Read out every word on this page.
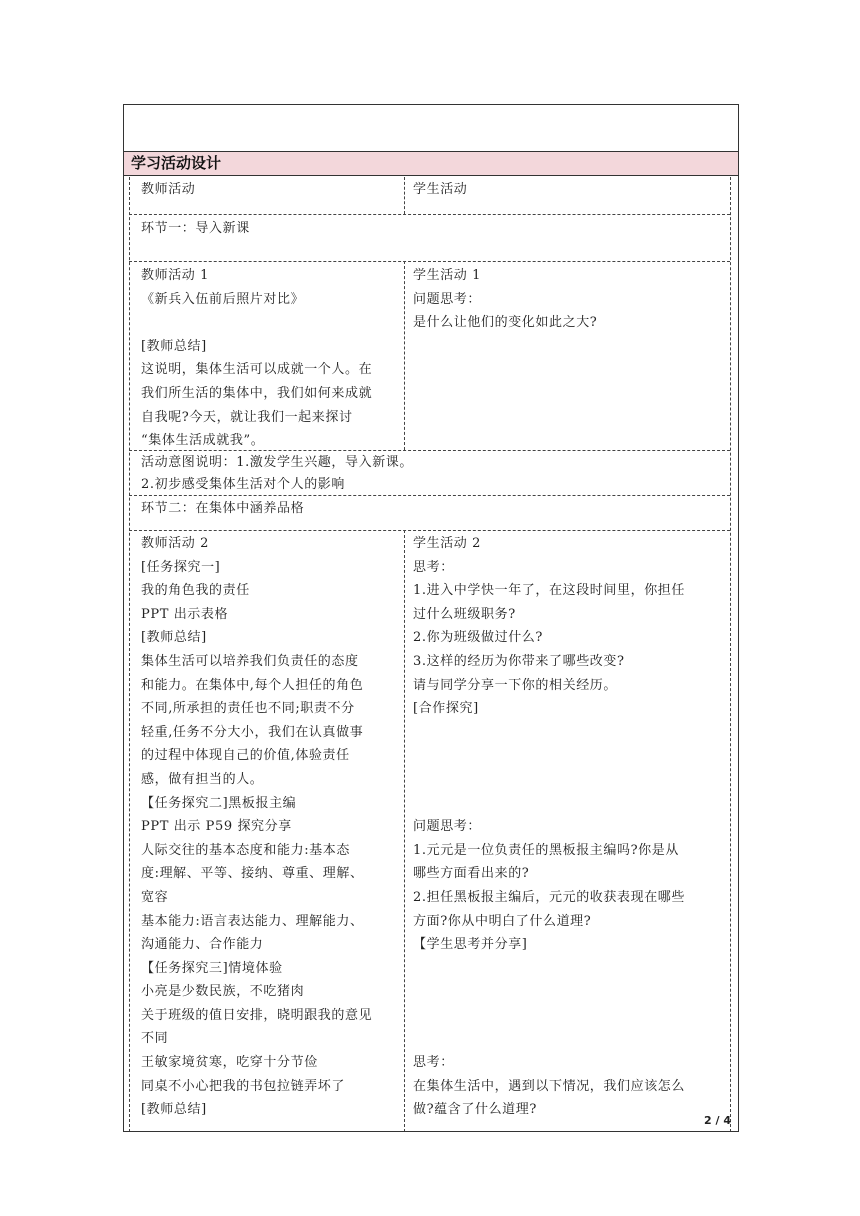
学习活动设计
教师活动	学生活动
环节一：导入新课
教师活动 1
《新兵入伍前后照片对比》

[教师总结]
这说明，集体生活可以成就一个人。在
我们所生活的集体中，我们如何来成就
自我呢?今天，就让我们一起来探讨
“集体生活成就我”。
学生活动 1
问题思考：
是什么让他们的变化如此之大?
活动意图说明：1.激发学生兴趣，导入新课。
2.初步感受集体生活对个人的影响
环节二：在集体中涵养品格
教师活动 2
[任务探究一]
我的角色我的责任
PPT 出示表格
[教师总结]
集体生活可以培养我们负责任的态度
和能力。在集体中,每个人担任的角色
不同,所承担的责任也不同;职责不分
轻重,任务不分大小，我们在认真做事
的过程中体现自己的价值,体验责任
感，做有担当的人。
【任务探究二]黑板报主编
PPT 出示 P59 探究分享
人际交往的基本态度和能力:基本态
度:理解、平等、接纳、尊重、理解、
宽容
基本能力:语言表达能力、理解能力、
沟通能力、合作能力
【任务探究三]情境体验
小亮是少数民族，不吃猪肉
关于班级的值日安排，晓明跟我的意见
不同
王敏家境贫寒，吃穿十分节俭
同桌不小心把我的书包拉链弄坏了
[教师总结]
学生活动 2
思考：
1.进入中学快一年了，在这段时间里，你担任
过什么班级职务?
2.你为班级做过什么?
3.这样的经历为你带来了哪些改变?
请与同学分享一下你的相关经历。
[合作探究]

问题思考：
1.元元是一位负责任的黑板报主编吗?你是从
哪些方面看出来的?
2.担任黑板报主编后，元元的收获表现在哪些
方面?你从中明白了什么道理?
【学生思考并分享]

思考：
在集体生活中，遇到以下情况，我们应该怎么
做?蕴含了什么道理?
2 / 4
